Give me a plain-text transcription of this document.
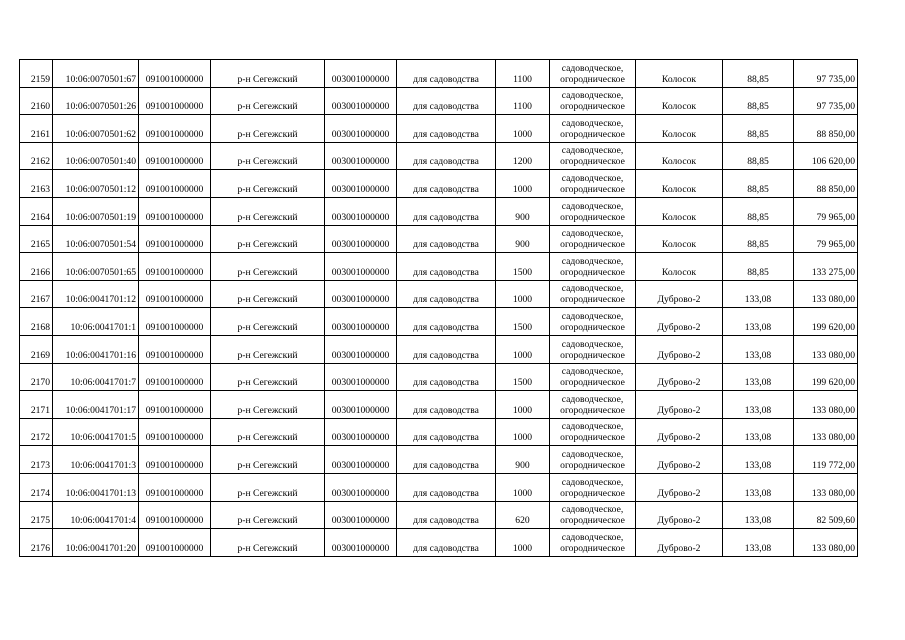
2159	10:06:0070501:67	091001000000	р-н Сегежский	003001000000	для садоводства	1100	садоводческое,
огородническое	Колосок	88,85	97 735,00
2160	10:06:0070501:26	091001000000	р-н Сегежский	003001000000	для садоводства	1100	садоводческое,
огородническое	Колосок	88,85	97 735,00
2161	10:06:0070501:62	091001000000	р-н Сегежский	003001000000	для садоводства	1000	садоводческое,
огородническое	Колосок	88,85	88 850,00
2162	10:06:0070501:40	091001000000	р-н Сегежский	003001000000	для садоводства	1200	садоводческое,
огородническое	Колосок	88,85	106 620,00
2163	10:06:0070501:12	091001000000	р-н Сегежский	003001000000	для садоводства	1000	садоводческое,
огородническое	Колосок	88,85	88 850,00
2164	10:06:0070501:19	091001000000	р-н Сегежский	003001000000	для садоводства	900	садоводческое,
огородническое	Колосок	88,85	79 965,00
2165	10:06:0070501:54	091001000000	р-н Сегежский	003001000000	для садоводства	900	садоводческое,
огородническое	Колосок	88,85	79 965,00
2166	10:06:0070501:65	091001000000	р-н Сегежский	003001000000	для садоводства	1500	садоводческое,
огородническое	Колосок	88,85	133 275,00
2167	10:06:0041701:12	091001000000	р-н Сегежский	003001000000	для садоводства	1000	садоводческое,
огородническое	Дуброво-2	133,08	133 080,00
2168	10:06:0041701:1	091001000000	р-н Сегежский	003001000000	для садоводства	1500	садоводческое,
огородническое	Дуброво-2	133,08	199 620,00
2169	10:06:0041701:16	091001000000	р-н Сегежский	003001000000	для садоводства	1000	садоводческое,
огородническое	Дуброво-2	133,08	133 080,00
2170	10:06:0041701:7	091001000000	р-н Сегежский	003001000000	для садоводства	1500	садоводческое,
огородническое	Дуброво-2	133,08	199 620,00
2171	10:06:0041701:17	091001000000	р-н Сегежский	003001000000	для садоводства	1000	садоводческое,
огородническое	Дуброво-2	133,08	133 080,00
2172	10:06:0041701:5	091001000000	р-н Сегежский	003001000000	для садоводства	1000	садоводческое,
огородническое	Дуброво-2	133,08	133 080,00
2173	10:06:0041701:3	091001000000	р-н Сегежский	003001000000	для садоводства	900	садоводческое,
огородническое	Дуброво-2	133,08	119 772,00
2174	10:06:0041701:13	091001000000	р-н Сегежский	003001000000	для садоводства	1000	садоводческое,
огородническое	Дуброво-2	133,08	133 080,00
2175	10:06:0041701:4	091001000000	р-н Сегежский	003001000000	для садоводства	620	садоводческое,
огородническое	Дуброво-2	133,08	82 509,60
2176	10:06:0041701:20	091001000000	р-н Сегежский	003001000000	для садоводства	1000	садоводческое,
огородническое	Дуброво-2	133,08	133 080,00
